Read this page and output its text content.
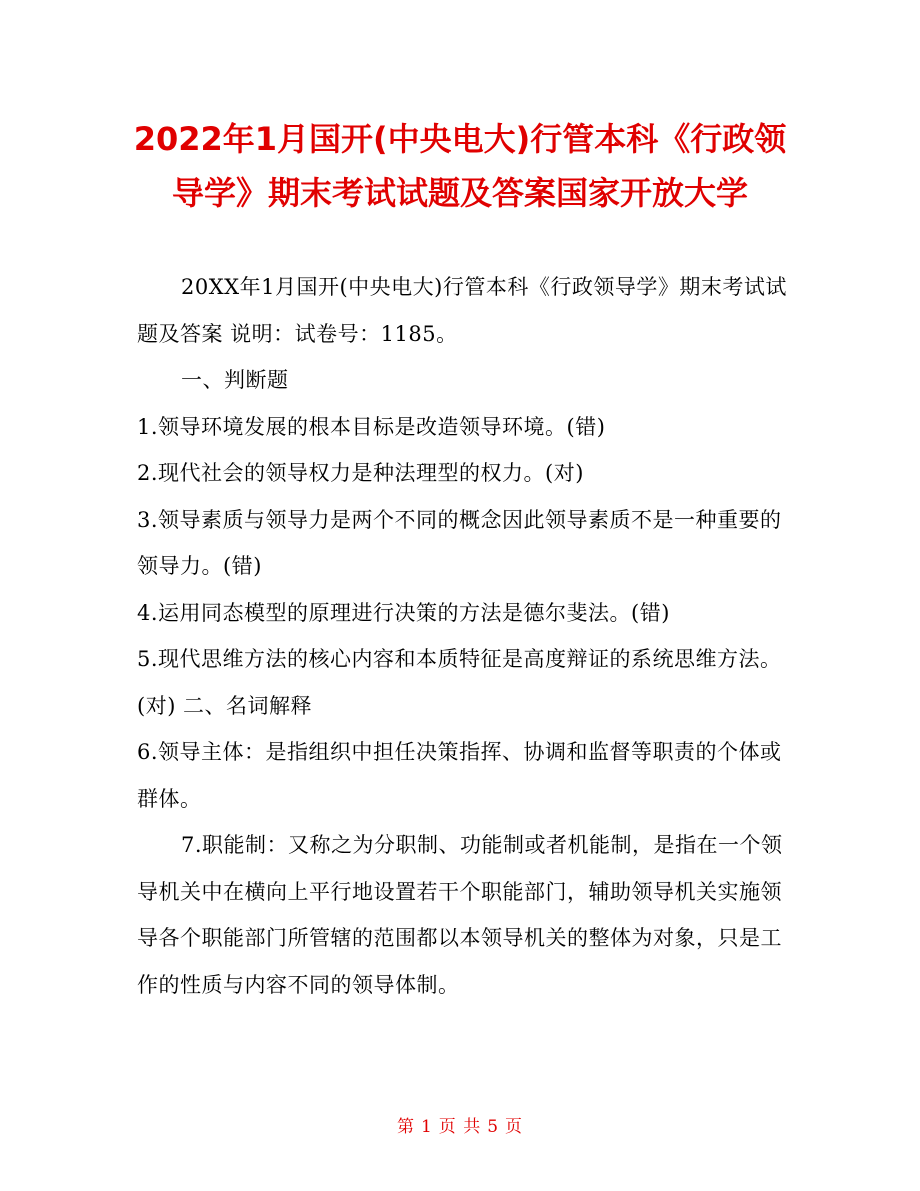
2022年1月国开(中央电大)行管本科《行政领
导学》期末考试试题及答案国家开放大学

20XX年1月国开(中央电大)行管本科《行政领导学》期末考试试题及答案 说明：试卷号：1185。

一、判断题

1.领导环境发展的根本目标是改造领导环境。(错)

2.现代社会的领导权力是种法理型的权力。(对)

3.领导素质与领导力是两个不同的概念因此领导素质不是一种重要的领导力。(错)

4.运用同态模型的原理进行决策的方法是德尔斐法。(错)

5.现代思维方法的核心内容和本质特征是高度辩证的系统思维方法。(对) 二、名词解释

6.领导主体：是指组织中担任决策指挥、协调和监督等职责的个体或群体。

7.职能制：又称之为分职制、功能制或者机能制，是指在一个领导机关中在横向上平行地设置若干个职能部门，辅助领导机关实施领导各个职能部门所管辖的范围都以本领导机关的整体为对象，只是工作的性质与内容不同的领导体制。

第 1 页 共 5 页
